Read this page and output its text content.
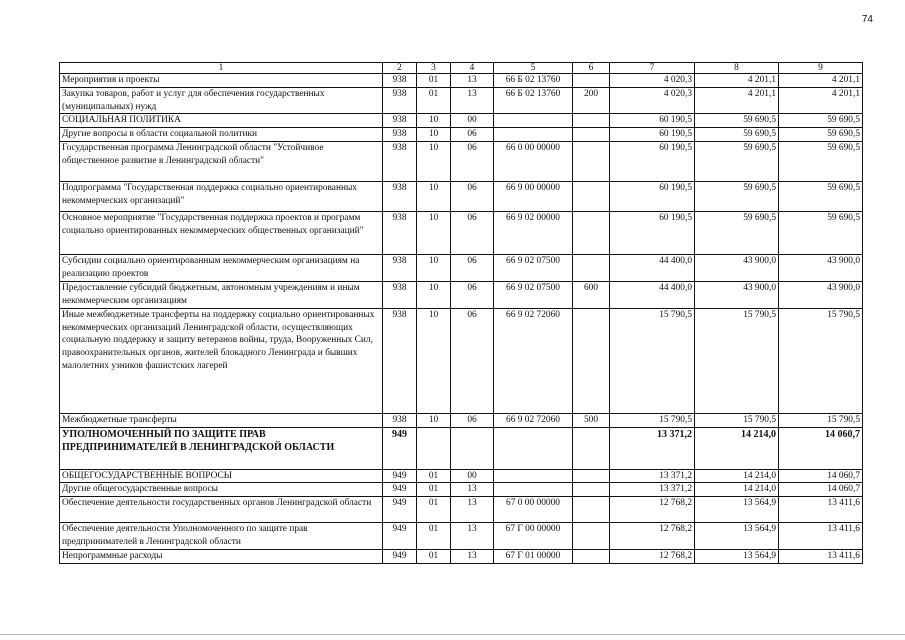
74
1	2	3	4	5	6	7	8	9
Мероприятия и проекты	938	01	13	66 Б 02 13760		4 020,3	4 201,1	4 201,1
Закупка товаров, работ и услуг для обеспечения государственных (муниципальных) нужд	938	01	13	66 Б 02 13760	200	4 020,3	4 201,1	4 201,1
СОЦИАЛЬНАЯ ПОЛИТИКА	938	10	00			60 190,5	59 690,5	59 690,5
Другие вопросы в области социальной политики	938	10	06			60 190,5	59 690,5	59 690,5
Государственная программа Ленинградской области "Устойчивое общественное развитие в Ленинградской области"	938	10	06	66 0 00 00000		60 190,5	59 690,5	59 690,5
Подпрограмма "Государственная поддержка социально ориентированных некоммерческих организаций"	938	10	06	66 9 00 00000		60 190,5	59 690,5	59 690,5
Основное мероприятие "Государственная поддержка проектов и программ социально ориентированных некоммерческих общественных организаций"	938	10	06	66 9 02 00000		60 190,5	59 690,5	59 690,5
Субсидии социально ориентированным некоммерческим организациям на реализацию проектов	938	10	06	66 9 02 07500		44 400,0	43 900,0	43 900,0
Предоставление субсидий бюджетным, автономным учреждениям и иным некоммерческим организациям	938	10	06	66 9 02 07500	600	44 400,0	43 900,0	43 900,0
Иные межбюджетные трансферты на поддержку социально ориентированных некоммерческих организаций Ленинградской области, осуществляющих социальную поддержку и защиту ветеранов войны, труда, Вооруженных Сил, правоохранительных органов, жителей блокадного Ленинграда и бывших малолетних узников фашистских лагерей	938	10	06	66 9 02 72060		15 790,5	15 790,5	15 790,5
Межбюджетные трансферты	938	10	06	66 9 02 72060	500	15 790,5	15 790,5	15 790,5
УПОЛНОМОЧЕННЫЙ ПО ЗАЩИТЕ ПРАВ ПРЕДПРИНИМАТЕЛЕЙ В ЛЕНИНГРАДСКОЙ ОБЛАСТИ	949					13 371,2	14 214,0	14 060,7
ОБЩЕГОСУДАРСТВЕННЫЕ ВОПРОСЫ	949	01	00			13 371,2	14 214,0	14 060,7
Другие общегосударственные вопросы	949	01	13			13 371,2	14 214,0	14 060,7
Обеспечение деятельности государственных органов Ленинградской области	949	01	13	67 0 00 00000		12 768,2	13 564,9	13 411,6
Обеспечение деятельности Уполномоченного по защите прав предпринимателей в Ленинградской области	949	01	13	67 Г 00 00000		12 768,2	13 564,9	13 411,6
Непрограммные расходы	949	01	13	67 Г 01 00000		12 768,2	13 564,9	13 411,6
